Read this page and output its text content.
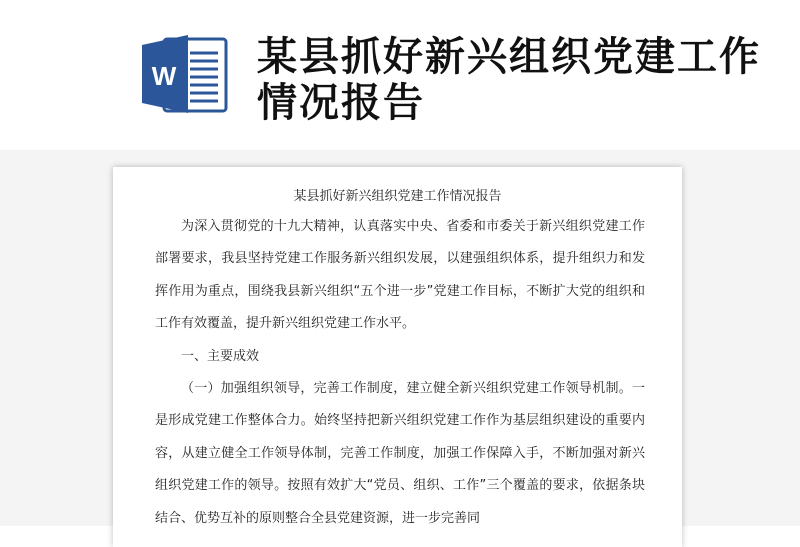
W 某县抓好新兴组织党建工作情况报告
某县抓好新兴组织党建工作情况报告

为深入贯彻党的十九大精神，认真落实中央、省委和市委关于新兴组织党建工作部署要求，我县坚持党建工作服务新兴组织发展，以建强组织体系，提升组织力和发挥作用为重点，围绕我县新兴组织“五个进一步”党建工作目标，不断扩大党的组织和工作有效覆盖，提升新兴组织党建工作水平。

一、主要成效

（一）加强组织领导，完善工作制度，建立健全新兴组织党建工作领导机制。一是形成党建工作整体合力。始终坚持把新兴组织党建工作作为基层组织建设的重要内容，从建立健全工作领导体制，完善工作制度，加强工作保障入手，不断加强对新兴组织党建工作的领导。按照有效扩大“党员、组织、工作”三个覆盖的要求，依据条块结合、优势互补的原则整合全县党建资源，进一步完善同
